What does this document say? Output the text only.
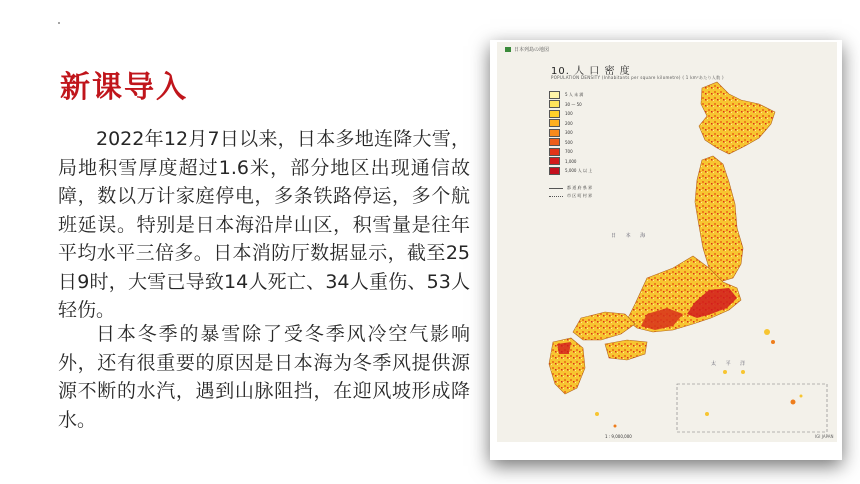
新课导入

2022年12月7日以来，日本多地连降大雪，局地积雪厚度超过1.6米，部分地区出现通信故障，数以万计家庭停电，多条铁路停运，多个航班延误。特别是日本海沿岸山区，积雪量是往年平均水平三倍多。日本消防厅数据显示，截至25日9时，大雪已导致14人死亡、34人重伤、53人轻伤。

日本冬季的暴雪除了受冬季风冷空气影响外，还有很重要的原因是日本海为冬季风提供源源不断的水汽，遇到山脉阻挡，在迎风坡形成降水。

日本列島の地図
10. 人 口 密 度
POPULATION DENSITY (Inhabitants per square kilometre) ( 1 km²あたり人数 )
5 人 未 満
30 — 50
100
200
300
500
700
1,000
5,000 人 以 上
都 道 府 県 界
市 区 町 村 界
日 本 海
太 平 洋
1 : 9,000,000	IGI JAPAN
